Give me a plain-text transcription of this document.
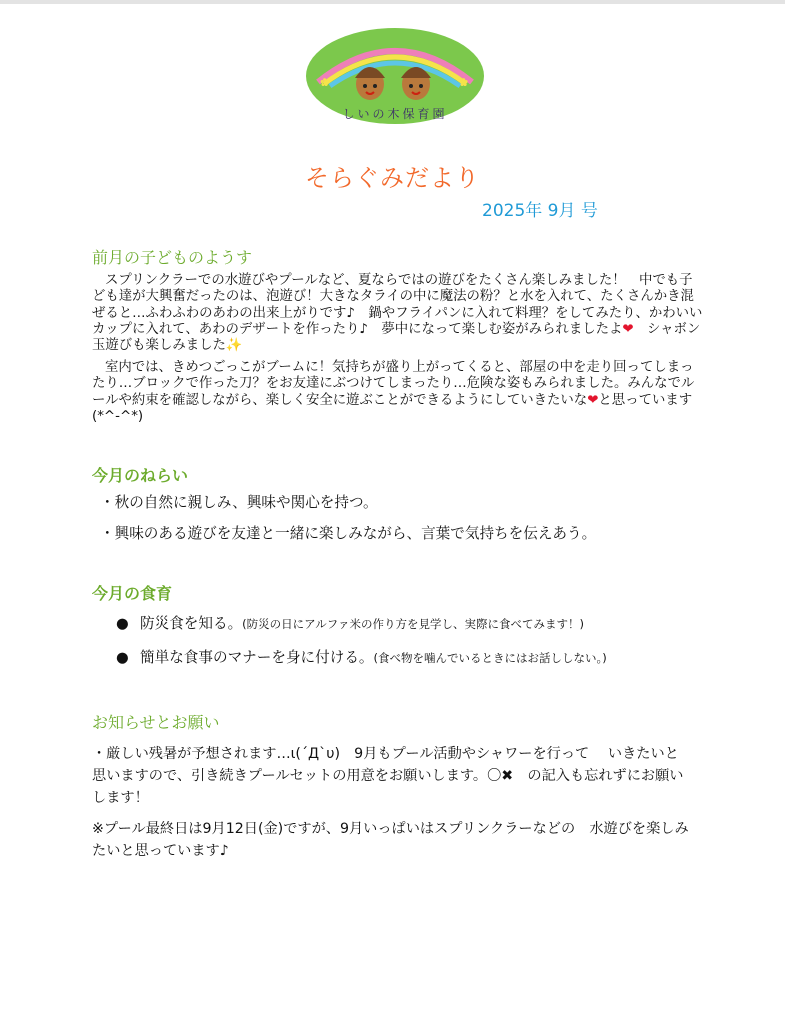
✿	✿
しいの木保育園
そらぐみだより
2025年 9月 号
前月の子どものようす

スプリンクラーでの水遊びやプールなど、夏ならではの遊びをたくさん楽しみました！　中でも子ども達が大興奮だったのは、泡遊び！大きなタライの中に魔法の粉？と水を入れて、たくさんかき混ぜると…ふわふわのあわの出来上がりです♪　鍋やフライパンに入れて料理？をしてみたり、かわいいカップに入れて、あわのデザートを作ったり♪　夢中になって楽しむ姿がみられましたよ❤　 シャボン玉遊びも楽しみました✨

室内では、きめつごっこがブームに！気持ちが盛り上がってくると、部屋の中を走り回ってしまったり…ブロックで作った刀？をお友達にぶつけてしまったり…危険な姿もみられました。みんなでルールや約束を確認しながら、楽しく安全に遊ぶことができるようにしていきたいな❤と思っています(*^-^*)

今月のねらい
・秋の自然に親しみ、興味や関心を持つ。
・興味のある遊びを友達と一緒に楽しみながら、言葉で気持ちを伝えあう。
今月の食育
● 防災食を知る。(防災の日にアルファ米の作り方を見学し、実際に食べてみます！)
● 簡単な食事のマナーを身に付ける。(食べ物を噛んでいるときにはお話ししない。)
お知らせとお願い

・厳しい残暑が予想されます…ι(´Д`υ)　9月もプール活動やシャワーを行って　 いきたいと思いますので、引き続きプールセットの用意をお願いします。〇✖　の記入も忘れずにお願いします！

※プール最終日は9月12日(金)ですが、9月いっぱいはスプリンクラーなどの　水遊びを楽しみたいと思っています♪
